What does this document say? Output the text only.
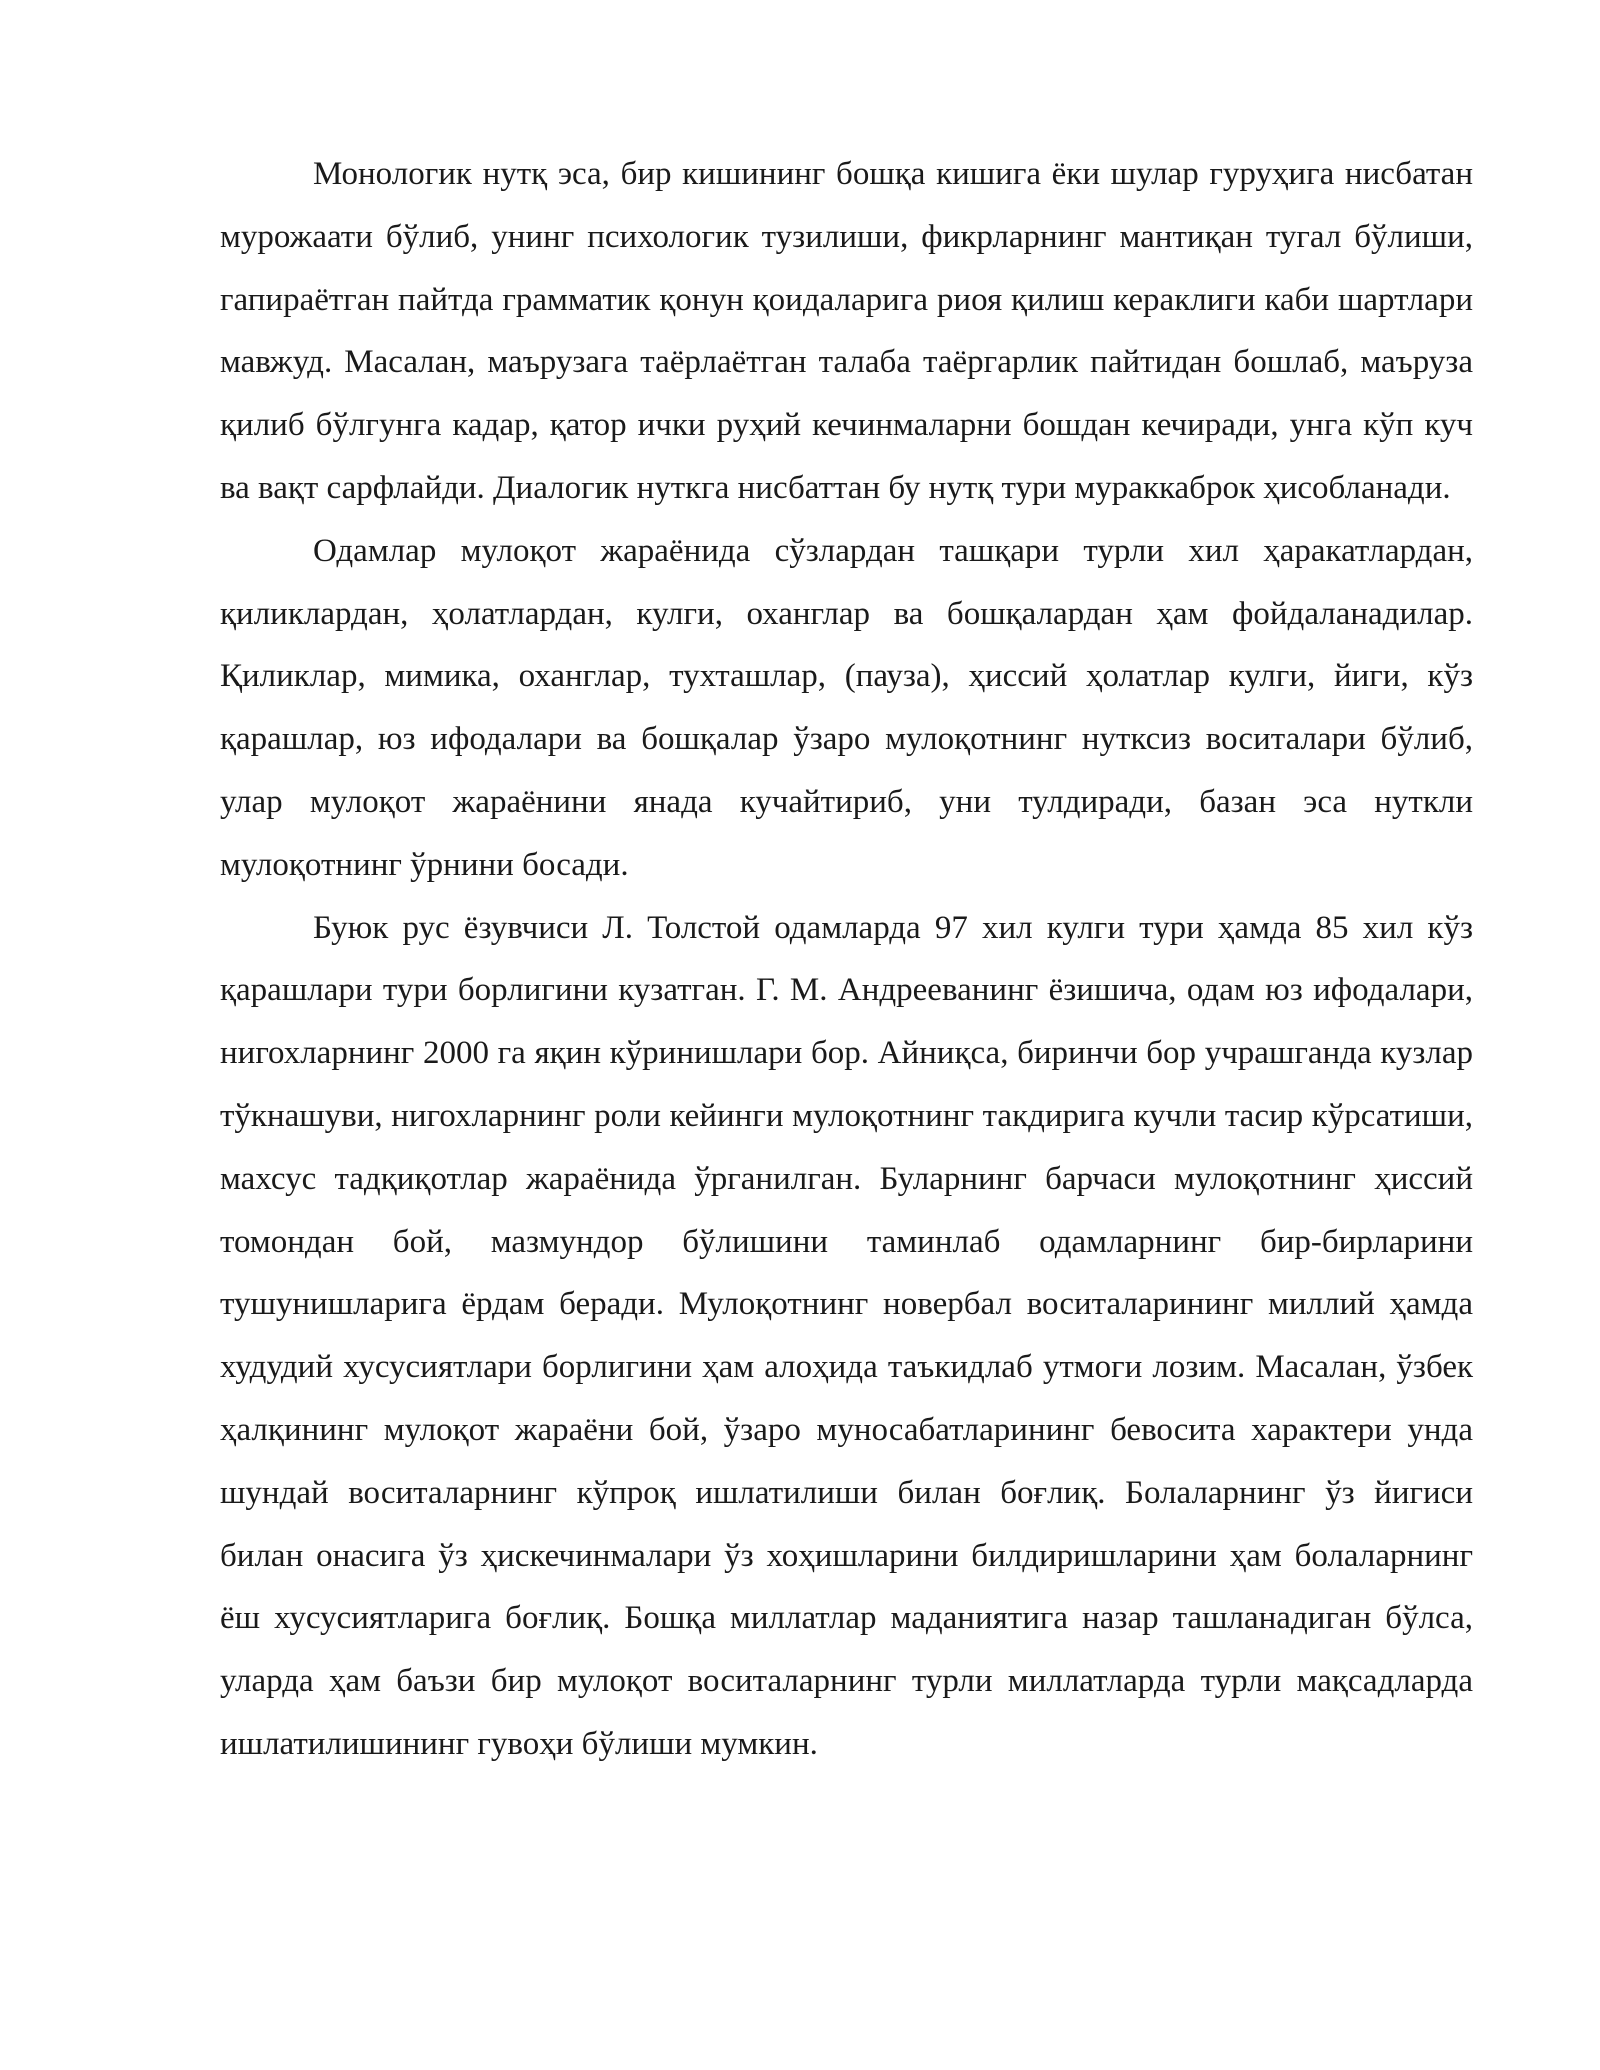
Монологик нутқ эса, бир кишининг бошқа кишига ёки шулар гуруҳига нисбатан мурожаати бўлиб, унинг психологик тузилиши, фикрларнинг мантиқан тугал бўлиши, гапираётган пайтда грамматик қонун қоидаларига риоя қилиш кераклиги каби шартлари мавжуд. Масалан, маърузага таёрлаётган талаба таёргарлик пайтидан бошлаб, маъруза қилиб бўлгунга кадар, қатор ички руҳий кечинмаларни бошдан кечиради, унга кўп куч ва вақт сарфлайди. Диалогик нуткга нисбаттан бу нутқ тури мураккаброк ҳисобланади.

Одамлар мулоқот жараёнида сўзлардан ташқари турли хил ҳаракатлардан, қиликлардан, ҳолатлардан, кулги, оханглар ва бошқалардан ҳам фойдаланадилар. Қиликлар, мимика, оханглар, тухташлар, (пауза), ҳиссий ҳолатлар кулги, йиги, кўз қарашлар, юз ифодалари ва бошқалар ўзаро мулоқотнинг нутксиз воситалари бўлиб, улар мулоқот жараёнини янада кучайтириб, уни тулдиради, базан эса нуткли мулоқотнинг ўрнини босади.

Буюк рус ёзувчиси Л. Толстой одамларда 97 хил кулги тури ҳамда 85 хил кўз қарашлари тури борлигини кузатган. Г. М. Андрееванинг ёзишича, одам юз ифодалари, нигохларнинг 2000 га яқин кўринишлари бор. Айниқса, биринчи бор учрашганда кузлар тўкнашуви, нигохларнинг роли кейинги мулоқотнинг такдирига кучли тасир кўрсатиши, махсус тадқиқотлар жараёнида ўрганилган. Буларнинг барчаси мулоқотнинг ҳиссий томондан бой, мазмундор бўлишини таминлаб одамларнинг бир-бирларини тушунишларига ёрдам беради. Мулоқотнинг новербал воситаларининг миллий ҳамда худудий хусусиятлари борлигини ҳам алоҳида таъкидлаб утмоги лозим. Масалан, ўзбек ҳалқининг мулоқот жараёни бой, ўзаро муносабатларининг бевосита характери унда шундай воситаларнинг кўпроқ ишлатилиши билан боғлиқ. Болаларнинг ўз йигиси билан онасига ўз ҳискечинмалари ўз хоҳишларини билдиришларини ҳам болаларнинг ёш хусусиятларига боғлиқ. Бошқа миллатлар маданиятига назар ташланадиган бўлса, уларда ҳам баъзи бир мулоқот воситаларнинг турли миллатларда турли мақсадларда ишлатилишининг гувоҳи бўлиши мумкин.
